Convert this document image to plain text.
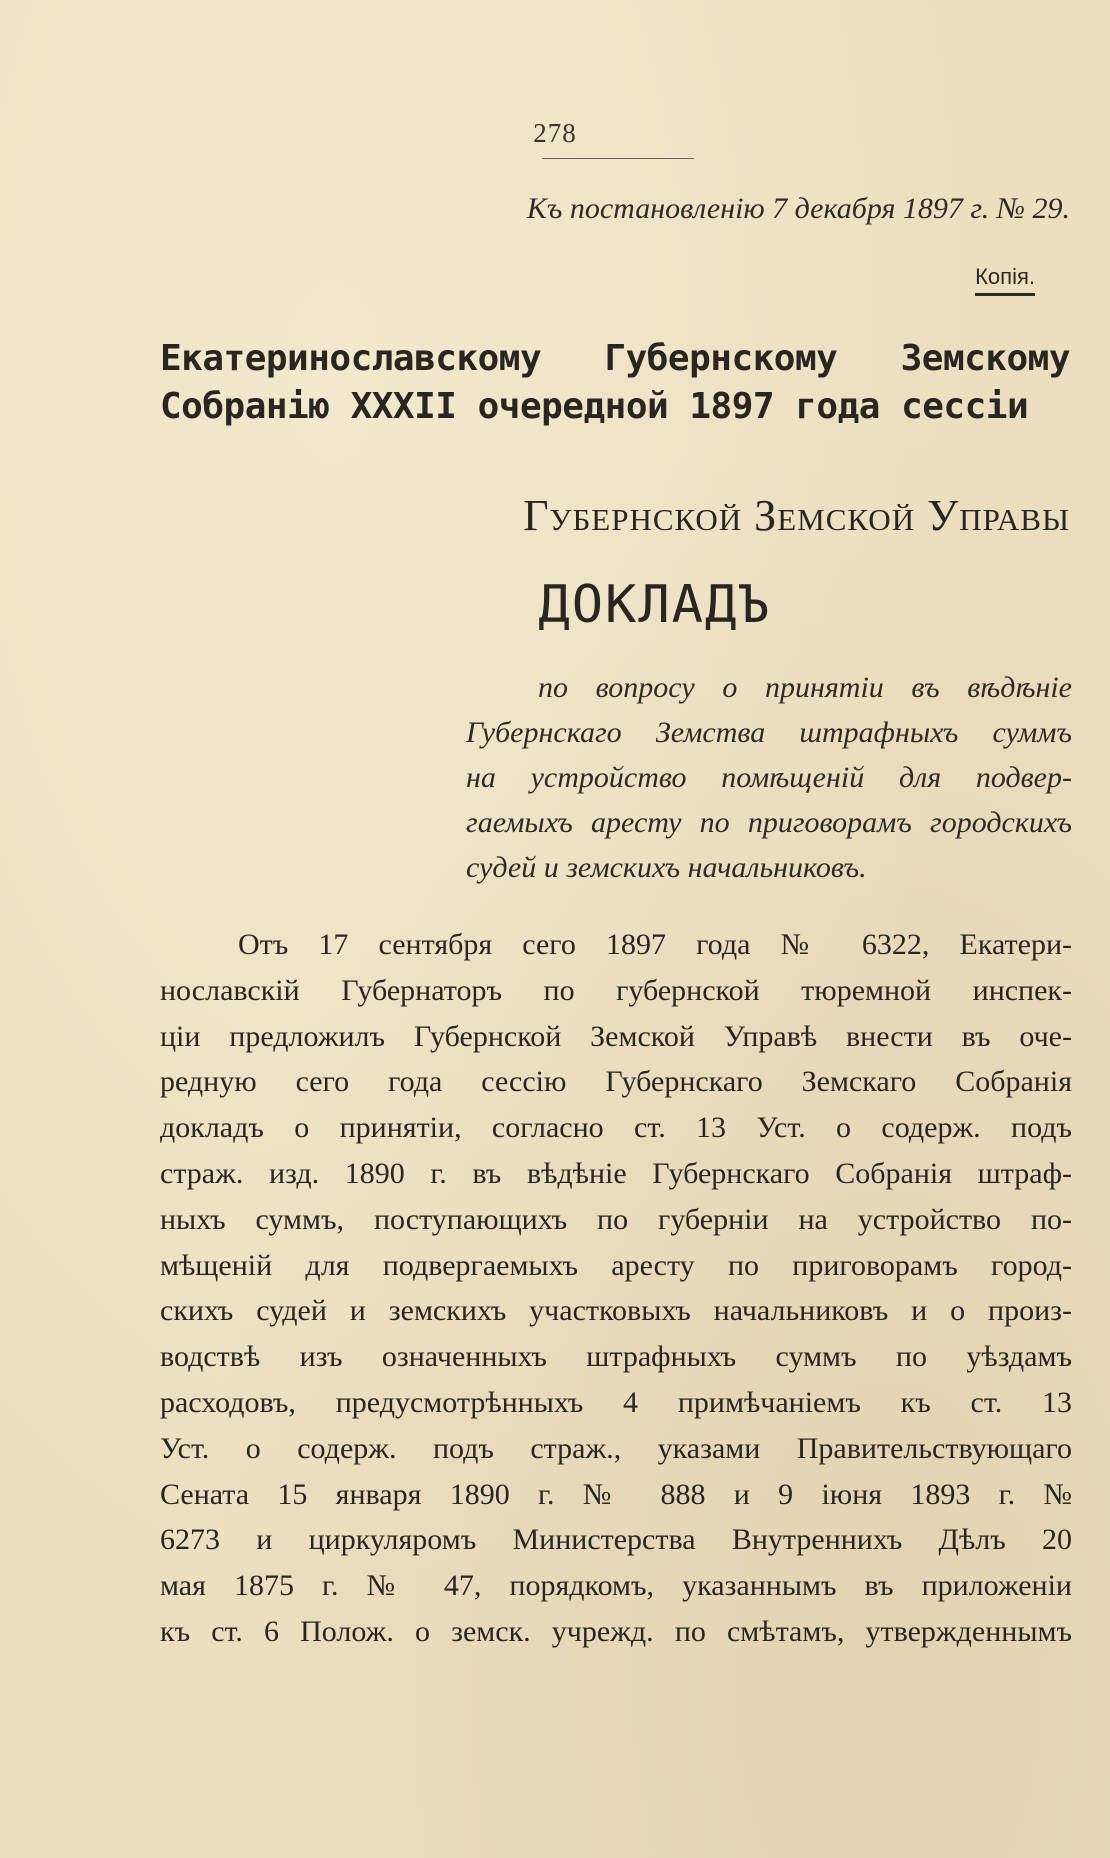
278
Къ постановленію 7 декабря 1897 г. № 29.
Копія.
Екатеринославскому Губернскому Земскому Собранію XXXII очередной 1897 года сессіи
Губернской Земской Управы
ДОКЛАДЪ
по вопросу о принятіи въ вѣдѣніе
Губернскаго Земства штрафныхъ суммъ
на устройство помѣщеній для подвер-
гаемыхъ аресту по приговорамъ городскихъ
судей и земскихъ начальниковъ.
Отъ 17 сентября сего 1897 года № 6322, Екатери-
нославскій Губернаторъ по губернской тюремной инспек-
ціи предложилъ Губернской Земской Управѣ внести въ оче-
редную сего года сессію Губернскаго Земскаго Собранія
докладъ о принятіи, согласно ст. 13 Уст. о содерж. подъ
страж. изд. 1890 г. въ вѣдѣніе Губернскаго Собранія штраф-
ныхъ суммъ, поступающихъ по губерніи на устройство по-
мѣщеній для подвергаемыхъ аресту по приговорамъ город-
скихъ судей и земскихъ участковыхъ начальниковъ и о произ-
водствѣ изъ означенныхъ штрафныхъ суммъ по уѣздамъ
расходовъ, предусмотрѣнныхъ 4 примѣчаніемъ къ ст. 13
Уст. о содерж. подъ страж., указами Правительствующаго
Сената 15 января 1890 г. № 888 и 9 іюня 1893 г. №
6273 и циркуляромъ Министерства Внутреннихъ Дѣлъ 20
мая 1875 г. № 47, порядкомъ, указаннымъ въ приложеніи
къ ст. 6 Полож. о земск. учрежд. по смѣтамъ, утвержденнымъ
